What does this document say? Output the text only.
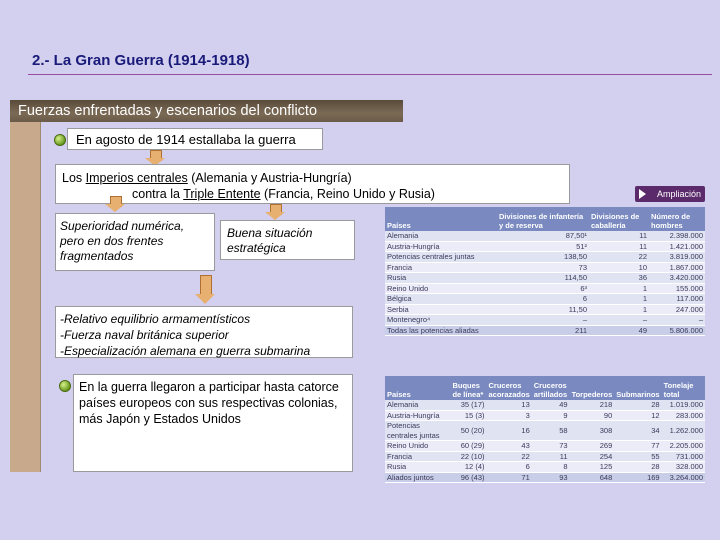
2.- La Gran Guerra (1914-1918)
Fuerzas enfrentadas y escenarios del conflicto
En agosto de 1914 estallaba la guerra
Los Imperios centrales (Alemania y Austria-Hungría)
contra la Triple Entente (Francia, Reino Unido y Rusia)
Superioridad numérica, pero en dos frentes fragmentados
Buena situación estratégica
-Relativo equilibrio armamentísticos
-Fuerza naval británica superior
-Especialización alemana en guerra submarina
En la guerra llegaron a participar hasta catorce países europeos con sus respectivas colonias, más Japón y Estados Unidos
Ampliación
Países	Divisiones de infantería y de reserva	Divisiones de caballería	Número de hombres
Alemania	87,50¹	11	2.398.000
Austria-Hungría	51²	11	1.421.000
Potencias centrales juntas	138,50	22	3.819.000
Francia	73	10	1.867.000
Rusia	114,50	36	3.420.000
Reino Unido	6³	1	155.000
Bélgica	6	1	117.000
Serbia	11,50	1	247.000
Montenegro⁴	–	–	–
Todas las potencias aliadas	211	49	5.806.000
Países	Buques de línea*	Cruceros acorazados	Cruceros artillados	Torpederos	Submarinos	Tonelaje total
Alemania	35 (17)	13	49	218	28	1.019.000
Austria-Hungría	15 (3)	3	9	90	12	283.000
Potencias centrales juntas	50 (20)	16	58	308	34	1.262.000
Reino Unido	60 (29)	43	73	269	77	2.205.000
Francia	22 (10)	22	11	254	55	731.000
Rusia	12 (4)	6	8	125	28	328.000
Aliados juntos	96 (43)	71	93	648	169	3.264.000
